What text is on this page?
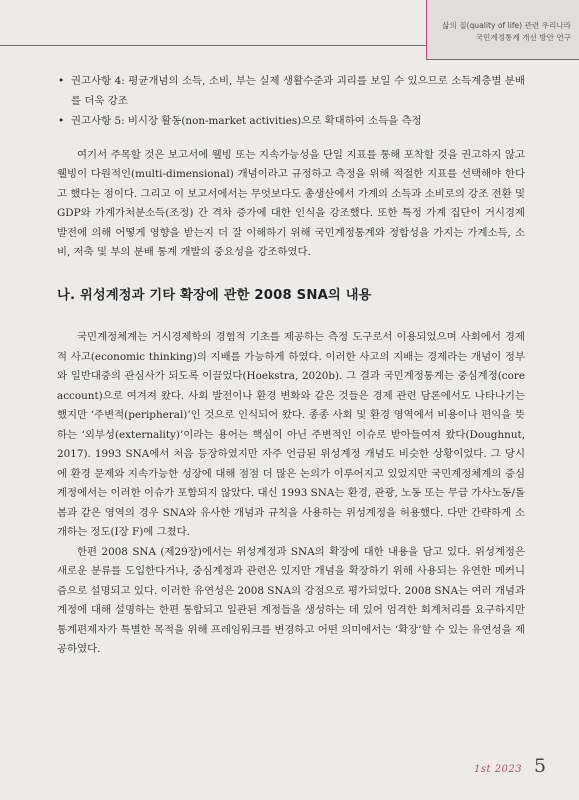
삶의 질(quality of life) 관련 우리나라
국민계정통계 개선 방안 연구
• 권고사항 4: 평균개념의 소득, 소비, 부는 실제 생활수준과 괴리를 보일 수 있으므로 소득계층별 분배를 더욱 강조
• 권고사항 5: 비시장 활동(non-market activities)으로 확대하여 소득을 측정

여기서 주목할 것은 보고서에 웰빙 또는 지속가능성을 단일 지표를 통해 포착할 것을 권고하지 않고 웰빙이 다원적인(multi-dimensional) 개념이라고 규정하고 측정을 위해 적절한 지표를 선택해야 한다고 했다는 점이다. 그리고 이 보고서에서는 무엇보다도 총생산에서 가계의 소득과 소비로의 강조 전환 및 GDP와 가계가처분소득(조정) 간 격차 증가에 대한 인식을 강조했다. 또한 특정 가계 집단이 거시경제 발전에 의해 어떻게 영향을 받는지 더 잘 이해하기 위해 국민계정통계와 정합성을 가지는 가계소득, 소비, 저축 및 부의 분배 통계 개발의 중요성을 강조하였다.

나. 위성계정과 기타 확장에 관한 2008 SNA의 내용

국민계정체계는 거시경제학의 경험적 기초를 제공하는 측정 도구로서 이용되었으며 사회에서 경제적 사고(economic thinking)의 지배를 가능하게 하였다. 이러한 사고의 지배는 경제라는 개념이 정부와 일반대중의 관심사가 되도록 이끌었다(Hoekstra, 2020b). 그 결과 국민계정통계는 중심계정(core account)으로 여겨져 왔다. 사회 발전이나 환경 변화와 같은 것들은 경제 관련 담론에서도 나타나기는 했지만 ‘주변적(peripheral)’인 것으로 인식되어 왔다. 종종 사회 및 환경 영역에서 비용이나 편익을 뜻하는 ‘외부성(externality)’이라는 용어는 핵심이 아닌 주변적인 이슈로 받아들여져 왔다(Doughnut, 2017). 1993 SNA에서 처음 등장하였지만 자주 언급된 위성계정 개념도 비슷한 상황이었다. 그 당시에 환경 문제와 지속가능한 성장에 대해 점점 더 많은 논의가 이루어지고 있었지만 국민계정체계의 중심계정에서는 이러한 이슈가 포함되지 않았다. 대신 1993 SNA는 환경, 관광, 노동 또는 무급 가사노동/돌봄과 같은 영역의 경우 SNA와 유사한 개념과 규칙을 사용하는 위성계정을 허용했다. 다만 간략하게 소개하는 정도(I장 F)에 그쳤다.

한편 2008 SNA (제29장)에서는 위성계정과 SNA의 확장에 대한 내용을 담고 있다. 위성계정은 새로운 분류를 도입한다거나, 중심계정과 관련은 있지만 개념을 확장하기 위해 사용되는 유연한 메커니즘으로 설명되고 있다. 이러한 유연성은 2008 SNA의 강점으로 평가되었다. 2008 SNA는 여러 개념과 계정에 대해 설명하는 한편 통합되고 일관된 계정들을 생성하는 데 있어 엄격한 회계처리를 요구하지만 통계편제자가 특별한 목적을 위해 프레임워크를 변경하고 어떤 의미에서는 ‘확장’할 수 있는 유연성을 제공하였다.

1st 2023 5
